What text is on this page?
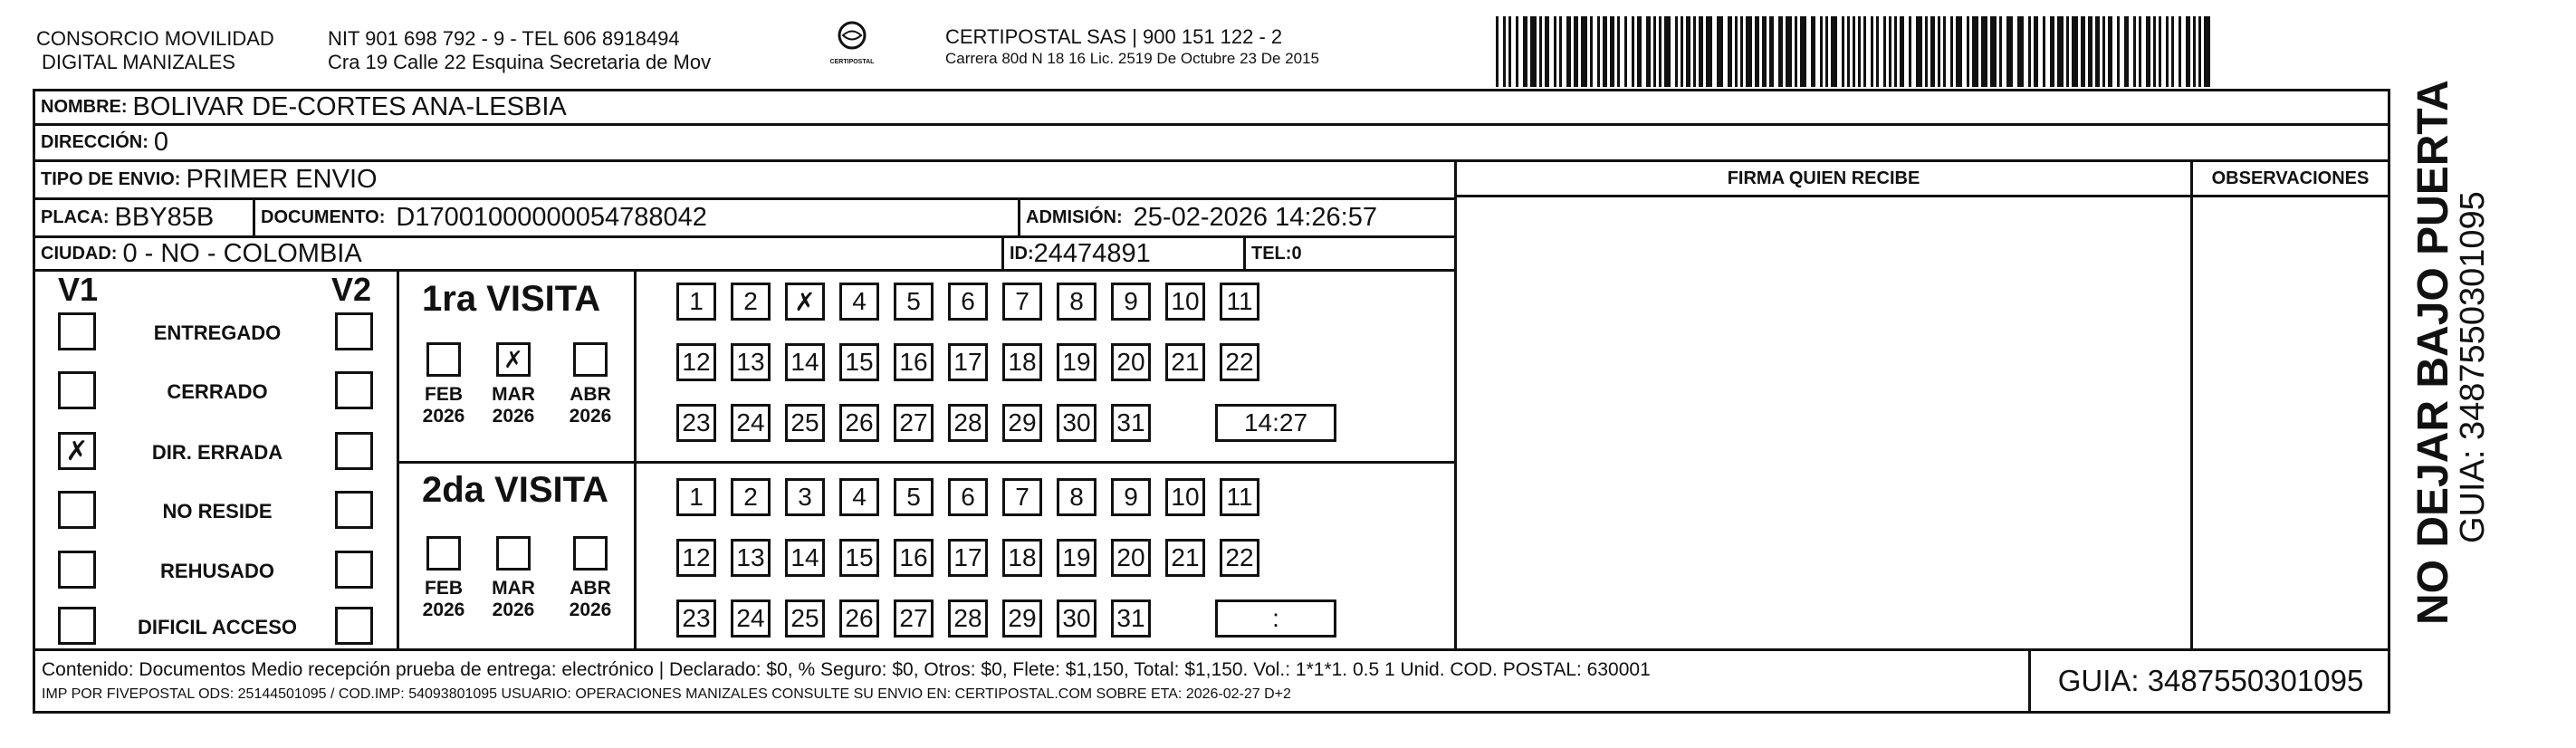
CONSORCIO MOVILIDAD
DIGITAL MANIZALES
NIT 901 698 792 - 9 - TEL 606 8918494
Cra 19 Calle 22 Esquina Secretaria de Mov	CERTIPOSTAL
CERTIPOSTAL SAS | 900 151 122 - 2
Carrera 80d N 18 16 Lic. 2519 De Octubre 23 De 2015
NOMBRE: BOLIVAR DE-CORTES ANA-LESBIA
DIRECCIÓN: 0
TIPO DE ENVIO: PRIMER ENVIO	FIRMA QUIEN RECIBE	OBSERVACIONES
PLACA: BBY85B	DOCUMENTO: D17001000000054788042	ADMISIÓN: 25-02-2026 14:26:57
CIUDAD: 0 - NO - COLOMBIA	ID: 24474891	TEL: 0
V1	V2
ENTREGADO
CERRADO
✗	DIR. ERRADA
NO RESIDE
REHUSADO
DIFICIL ACCESO
1ra VISITA
FEB
2026
✗
MAR
2026
ABR
2026
1	2	✗	4	5	6	7	8	9	10 11
12 13 14 15 16 17 18 19 20 21 22
23 24 25 26 27 28 29 30 31	14:27
2da VISITA
FEB
2026
MAR
2026
ABR
2026
1	2	3	4	5	6	7	8	9	10 11
12 13 14 15 16 17 18 19 20 21 22
23 24 25 26 27 28 29 30 31	:
Contenido: Documentos Medio recepción prueba de entrega: electrónico | Declarado: $0, % Seguro: $0, Otros: $0, Flete: $1,150, Total: $1,150. Vol.: 1*1*1. 0.5 1 Unid. COD. POSTAL: 630001
IMP POR FIVEPOSTAL ODS: 25144501095 / COD.IMP: 54093801095 USUARIO: OPERACIONES MANIZALES CONSULTE SU ENVIO EN: CERTIPOSTAL.COM SOBRE ETA: 2026-02-27 D+2	GUIA: 3487550301095
NO DEJAR BAJO PUERTA
GUIA: 3487550301095
